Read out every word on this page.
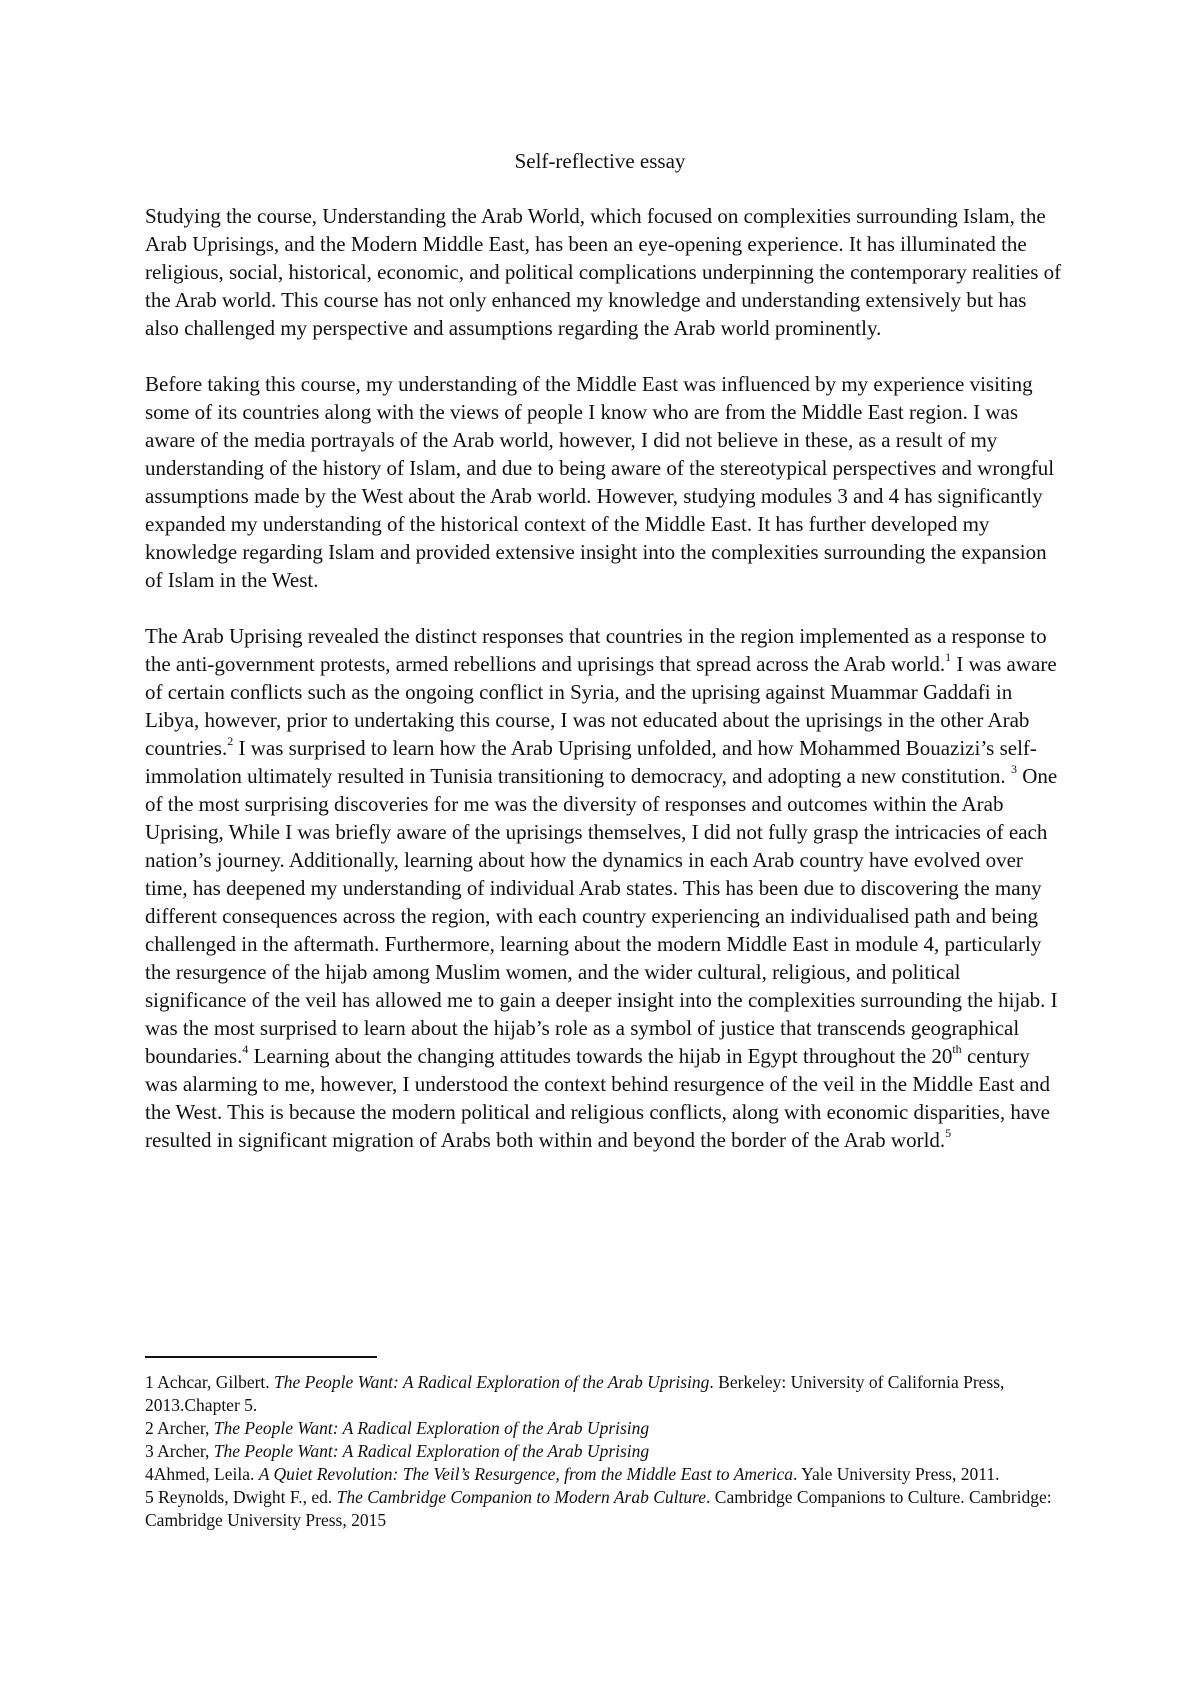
Self-reflective essay

Studying the course, Understanding the Arab World, which focused on complexities surrounding Islam, the Arab Uprisings, and the Modern Middle East, has been an eye-opening experience. It has illuminated the religious, social, historical, economic, and political complications underpinning the contemporary realities of the Arab world. This course has not only enhanced my knowledge and understanding extensively but has also challenged my perspective and assumptions regarding the Arab world prominently.

Before taking this course, my understanding of the Middle East was influenced by my experience visiting some of its countries along with the views of people I know who are from the Middle East region. I was aware of the media portrayals of the Arab world, however, I did not believe in these, as a result of my understanding of the history of Islam, and due to being aware of the stereotypical perspectives and wrongful assumptions made by the West about the Arab world. However, studying modules 3 and 4 has significantly expanded my understanding of the historical context of the Middle East. It has further developed my knowledge regarding Islam and provided extensive insight into the complexities surrounding the expansion of Islam in the West.

The Arab Uprising revealed the distinct responses that countries in the region implemented as a response to the anti-government protests, armed rebellions and uprisings that spread across the Arab world.$^1$ I was aware of certain conflicts such as the ongoing conflict in Syria, and the uprising against Muammar Gaddafi in Libya, however, prior to undertaking this course, I was not educated about the uprisings in the other Arab countries.$^2$ I was surprised to learn how the Arab Uprising unfolded, and how Mohammed Bouazizi’s self-immolation ultimately resulted in Tunisia transitioning to democracy, and adopting a new constitution. $^3$ One of the most surprising discoveries for me was the diversity of responses and outcomes within the Arab Uprising, While I was briefly aware of the uprisings themselves, I did not fully grasp the intricacies of each nation’s journey. Additionally, learning about how the dynamics in each Arab country have evolved over time, has deepened my understanding of individual Arab states. This has been due to discovering the many different consequences across the region, with each country experiencing an individualised path and being challenged in the aftermath. Furthermore, learning about the modern Middle East in module 4, particularly the resurgence of the hijab among Muslim women, and the wider cultural, religious, and political significance of the veil has allowed me to gain a deeper insight into the complexities surrounding the hijab. I was the most surprised to learn about the hijab’s role as a symbol of justice that transcends geographical boundaries.$^4$ Learning about the changing attitudes towards the hijab in Egypt throughout the 20th century was alarming to me, however, I understood the context behind resurgence of the veil in the Middle East and the West. This is because the modern political and religious conflicts, along with economic disparities, have resulted in significant migration of Arabs both within and beyond the border of the Arab world.$^5$

1 Achcar, Gilbert. The People Want: A Radical Exploration of the Arab Uprising. Berkeley: University of California Press, 2013.Chapter 5.

2 Archer, The People Want: A Radical Exploration of the Arab Uprising

3 Archer, The People Want: A Radical Exploration of the Arab Uprising

4Ahmed, Leila. A Quiet Revolution: The Veil’s Resurgence, from the Middle East to America. Yale University Press, 2011.

5 Reynolds, Dwight F., ed. The Cambridge Companion to Modern Arab Culture. Cambridge Companions to Culture. Cambridge: Cambridge University Press, 2015
